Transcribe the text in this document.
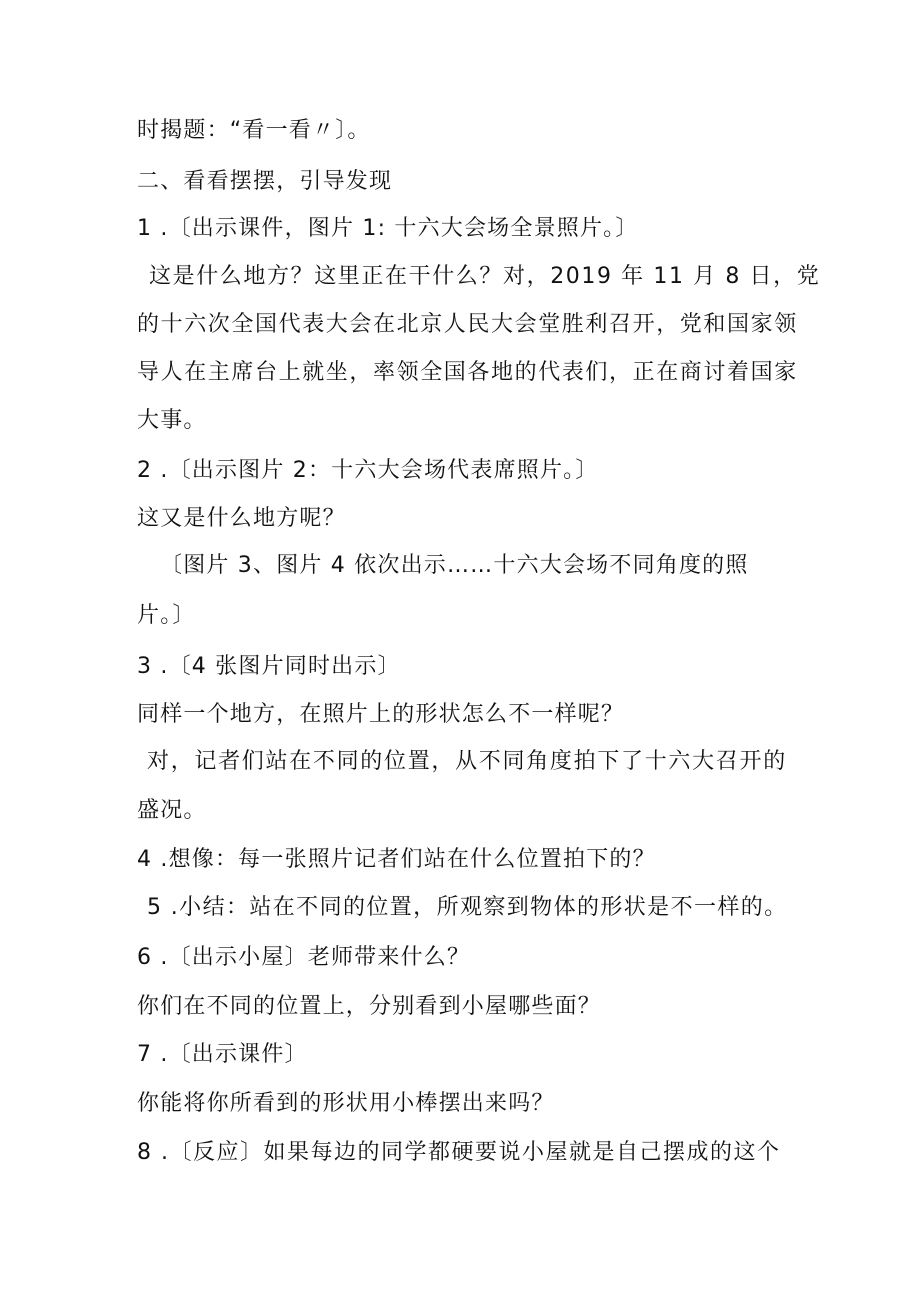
时揭题：“看一看〃〕。
二、看看摆摆，引导发现
1 .〔出示课件，图片 1: 十六大会场全景照片。〕
这是什么地方？这里正在干什么？对，2019 年 11 月 8 日，党
的十六次全国代表大会在北京人民大会堂胜利召开，党和国家领
导人在主席台上就坐，率领全国各地的代表们，正在商讨着国家
大事。
2 .〔出示图片 2：十六大会场代表席照片。〕
这又是什么地方呢？
〔图片 3、图片 4 依次出示……十六大会场不同角度的照
片。〕
3 .〔4 张图片同时出示〕
同样一个地方，在照片上的形状怎么不一样呢？
对，记者们站在不同的位置，从不同角度拍下了十六大召开的
盛况。
4 .想像：每一张照片记者们站在什么位置拍下的？
5 .小结：站在不同的位置，所观察到物体的形状是不一样的。
6 .〔出示小屋〕老师带来什么？
你们在不同的位置上，分别看到小屋哪些面？
7 .〔出示课件〕
你能将你所看到的形状用小棒摆出来吗？
8 .〔反应〕如果每边的同学都硬要说小屋就是自己摆成的这个
